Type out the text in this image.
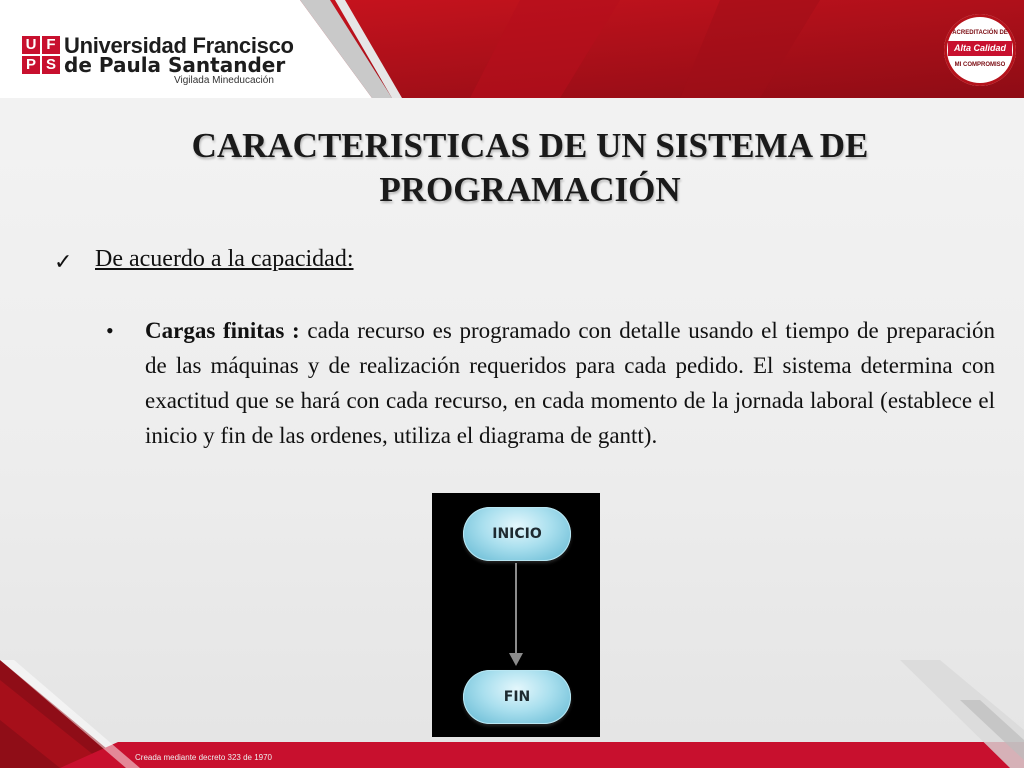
U F
P S
Universidad Francisco
de Paula Santander
Vigilada Mineducación
ACREDITACIÓN DE
Alta Calidad
MI COMPROMISO
CARACTERISTICAS DE UN SISTEMA DE PROGRAMACIÓN
✓ De acuerdo a la capacidad:
• Cargas finitas : cada recurso es programado con detalle usando el tiempo de preparación de las máquinas y de realización requeridos para cada pedido. El sistema determina con exactitud que se hará con cada recurso, en cada momento de la jornada laboral (establece el inicio y fin de las ordenes, utiliza el diagrama de gantt).
INICIO
FIN
Creada mediante decreto 323 de 1970
